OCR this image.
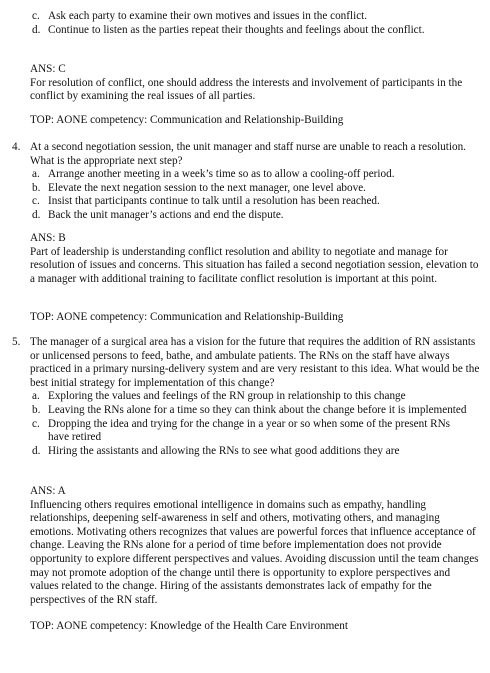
c. Ask each party to examine their own motives and issues in the conflict.
d. Continue to listen as the parties repeat their thoughts and feelings about the conflict.

ANS: C

For resolution of conflict, one should address the interests and involvement of participants in the conflict by examining the real issues of all parties.

TOP: AONE competency: Communication and Relationship-Building

4. At a second negotiation session, the unit manager and staff nurse are unable to reach a resolution. What is the appropriate next step?
a. Arrange another meeting in a week’s time so as to allow a cooling-off period.
b. Elevate the next negation session to the next manager, one level above.
c. Insist that participants continue to talk until a resolution has been reached.
d. Back the unit manager’s actions and end the dispute.

ANS: B

Part of leadership is understanding conflict resolution and ability to negotiate and manage for resolution of issues and concerns. This situation has failed a second negotiation session, elevation to a manager with additional training to facilitate conflict resolution is important at this point.

TOP: AONE competency: Communication and Relationship-Building

5. The manager of a surgical area has a vision for the future that requires the addition of RN assistants or unlicensed persons to feed, bathe, and ambulate patients. The RNs on the staff have always practiced in a primary nursing-delivery system and are very resistant to this idea. What would be the best initial strategy for implementation of this change?
a. Exploring the values and feelings of the RN group in relationship to this change
b. Leaving the RNs alone for a time so they can think about the change before it is implemented
c. Dropping the idea and trying for the change in a year or so when some of the present RNs have retired
d. Hiring the assistants and allowing the RNs to see what good additions they are

ANS: A

Influencing others requires emotional intelligence in domains such as empathy, handling relationships, deepening self-awareness in self and others, motivating others, and managing emotions. Motivating others recognizes that values are powerful forces that influence acceptance of change. Leaving the RNs alone for a period of time before implementation does not provide opportunity to explore different perspectives and values. Avoiding discussion until the team changes may not promote adoption of the change until there is opportunity to explore perspectives and values related to the change. Hiring of the assistants demonstrates lack of empathy for the perspectives of the RN staff.

TOP: AONE competency: Knowledge of the Health Care Environment
